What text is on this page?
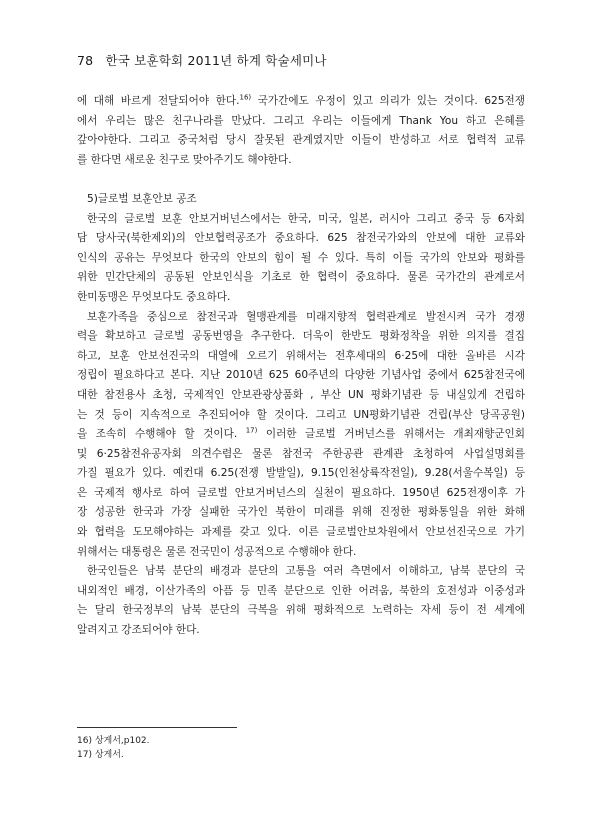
78 한국 보훈학회 2011년 하계 학술세미나
에 대해 바르게 전달되어야 한다.$^{16)}$ 국가간에도 우정이 있고 의리가 있는 것이다. 625전쟁
에서 우리는 많은 친구나라를 만났다. 그리고 우리는 이들에게 Thank You 하고 은혜를
갚아야한다. 그리고 중국처럼 당시 잘못된 관계였지만 이들이 반성하고 서로 협력적 교류
를 한다면 새로운 친구로 맞아주기도 해야한다.
5)글로벌 보훈안보 공조
한국의 글로벌 보훈 안보거버넌스에서는 한국, 미국, 일본, 러시아 그리고 중국 등 6자회
담 당사국(북한제외)의 안보협력공조가 중요하다. 625 참전국가와의 안보에 대한 교류와
인식의 공유는 무엇보다 한국의 안보의 힘이 될 수 있다. 특히 이들 국가의 안보와 평화를
위한 민간단체의 공동된 안보인식을 기초로 한 협력이 중요하다. 물론 국가간의 관계로서
한미동맹은 무엇보다도 중요하다.
보훈가족을 중심으로 참전국과 혈맹관계를 미래지향적 협력관계로 발전시켜 국가 경쟁
력을 확보하고 글로벌 공동번영을 추구한다. 더욱이 한반도 평화정착을 위한 의지를 결집
하고, 보훈 안보선진국의 대열에 오르기 위해서는 전후세대의 6·25에 대한 올바른 시각
정립이 필요하다고 본다. 지난 2010년 625 60주년의 다양한 기념사업 중에서 625참전국에
대한 참전용사 초청, 국제적인 안보관광상품화 , 부산 UN 평화기념관 등 내실있게 건립하
는 것 등이 지속적으로 추진되어야 할 것이다. 그리고 UN평화기념관 건립(부산 당곡공원)
을 조속히 수행해야 할 것이다. $^{17)}$ 이러한 글로벌 거버넌스를 위해서는 개최재향군인회
및 6·25참전유공자회 의견수렴은 물론 참전국 주한공관 관계관 초청하여 사업설명회를
가질 필요가 있다. 예컨대 6.25(전쟁 발발일), 9.15(인천상륙작전일), 9.28(서울수복일) 등
은 국제적 행사로 하여 글로벌 안보거버넌스의 실천이 필요하다. 1950년 625전쟁이후 가
장 성공한 한국과 가장 실패한 국가인 북한이 미래를 위해 진정한 평화통일을 위한 화해
와 협력을 도모해야하는 과제를 갖고 있다. 이른 글로벌안보차원에서 안보선진국으로 가기
위해서는 대통령은 물론 전국민이 성공적으로 수행해야 한다.
한국인들은 남북 분단의 배경과 분단의 고통을 여러 측면에서 이해하고, 남북 분단의 국
내외적인 배경, 이산가족의 아픔 등 민족 분단으로 인한 어려움, 북한의 호전성과 이중성과
는 달리 한국정부의 남북 분단의 극복을 위해 평화적으로 노력하는 자세 등이 전 세계에
알려지고 강조되어야 한다.
16) 상게서,p102.
17) 상게서.
